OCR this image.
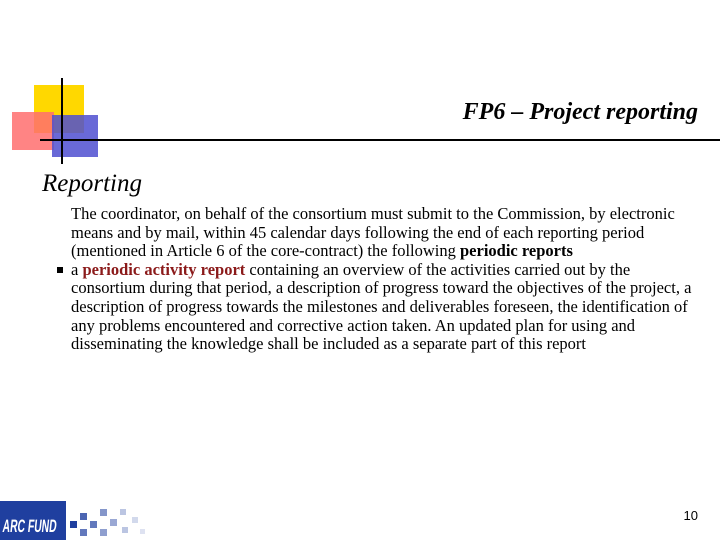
FP6 – Project reporting
Reporting

The coordinator, on behalf of the consortium must submit to the Commission, by electronic means and by mail, within 45 calendar days following the end of each reporting period (mentioned in Article 6 of the core-contract) the following periodic reports

a periodic activity report containing an overview of the activities carried out by the consortium during that period, a description of progress toward the objectives of the project, a description of progress towards the milestones and deliverables foreseen, the identification of any problems encountered and corrective action taken. An updated plan for using and disseminating the knowledge shall be included as a separate part of this report

ARC FUND
10
